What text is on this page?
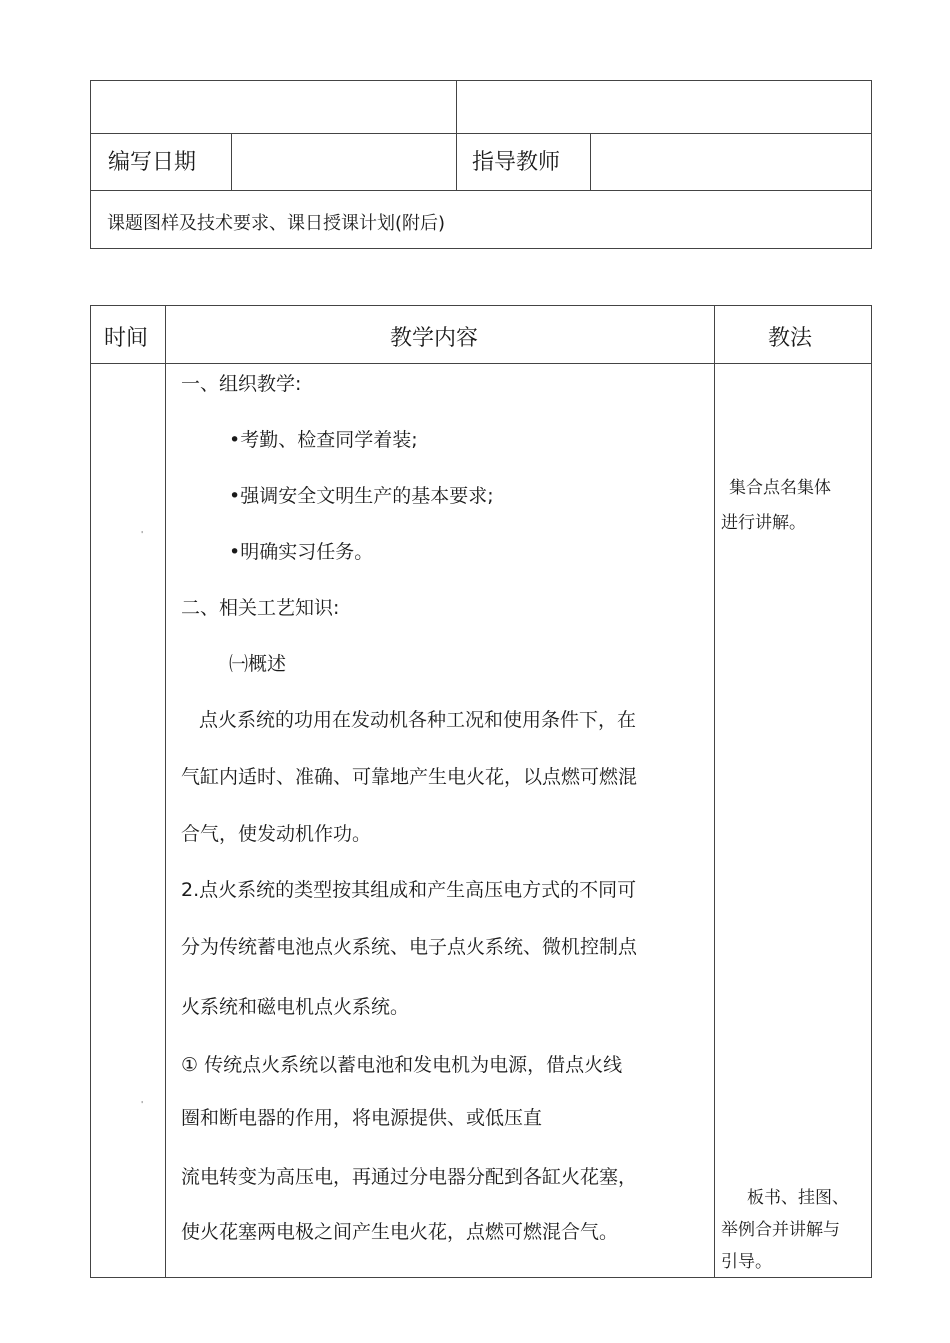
编写日期	指导教师
课题图样及技术要求、课日授课计划(附后)
时间	教学内容	教法
'
'
一、组织教学:
•考勤、检查同学着装;
•强调安全文明生产的基本要求;
•明确实习任务。
二、相关工艺知识:
㈠概述
点火系统的功用在发动机各种工况和使用条件下，在
气缸内适时、准确、可靠地产生电火花，以点燃可燃混
合气，使发动机作功。
2.点火系统的类型按其组成和产生高压电方式的不同可
分为传统蓄电池点火系统、电子点火系统、微机控制点
火系统和磁电机点火系统。
① 传统点火系统以蓄电池和发电机为电源，借点火线
圈和断电器的作用，将电源提供、或低压直
流电转变为高压电，再通过分电器分配到各缸火花塞，
使火花塞两电极之间产生电火花，点燃可燃混合气。
集合点名集体
进行讲解。
板书、挂图、
举例合并讲解与
引导。
